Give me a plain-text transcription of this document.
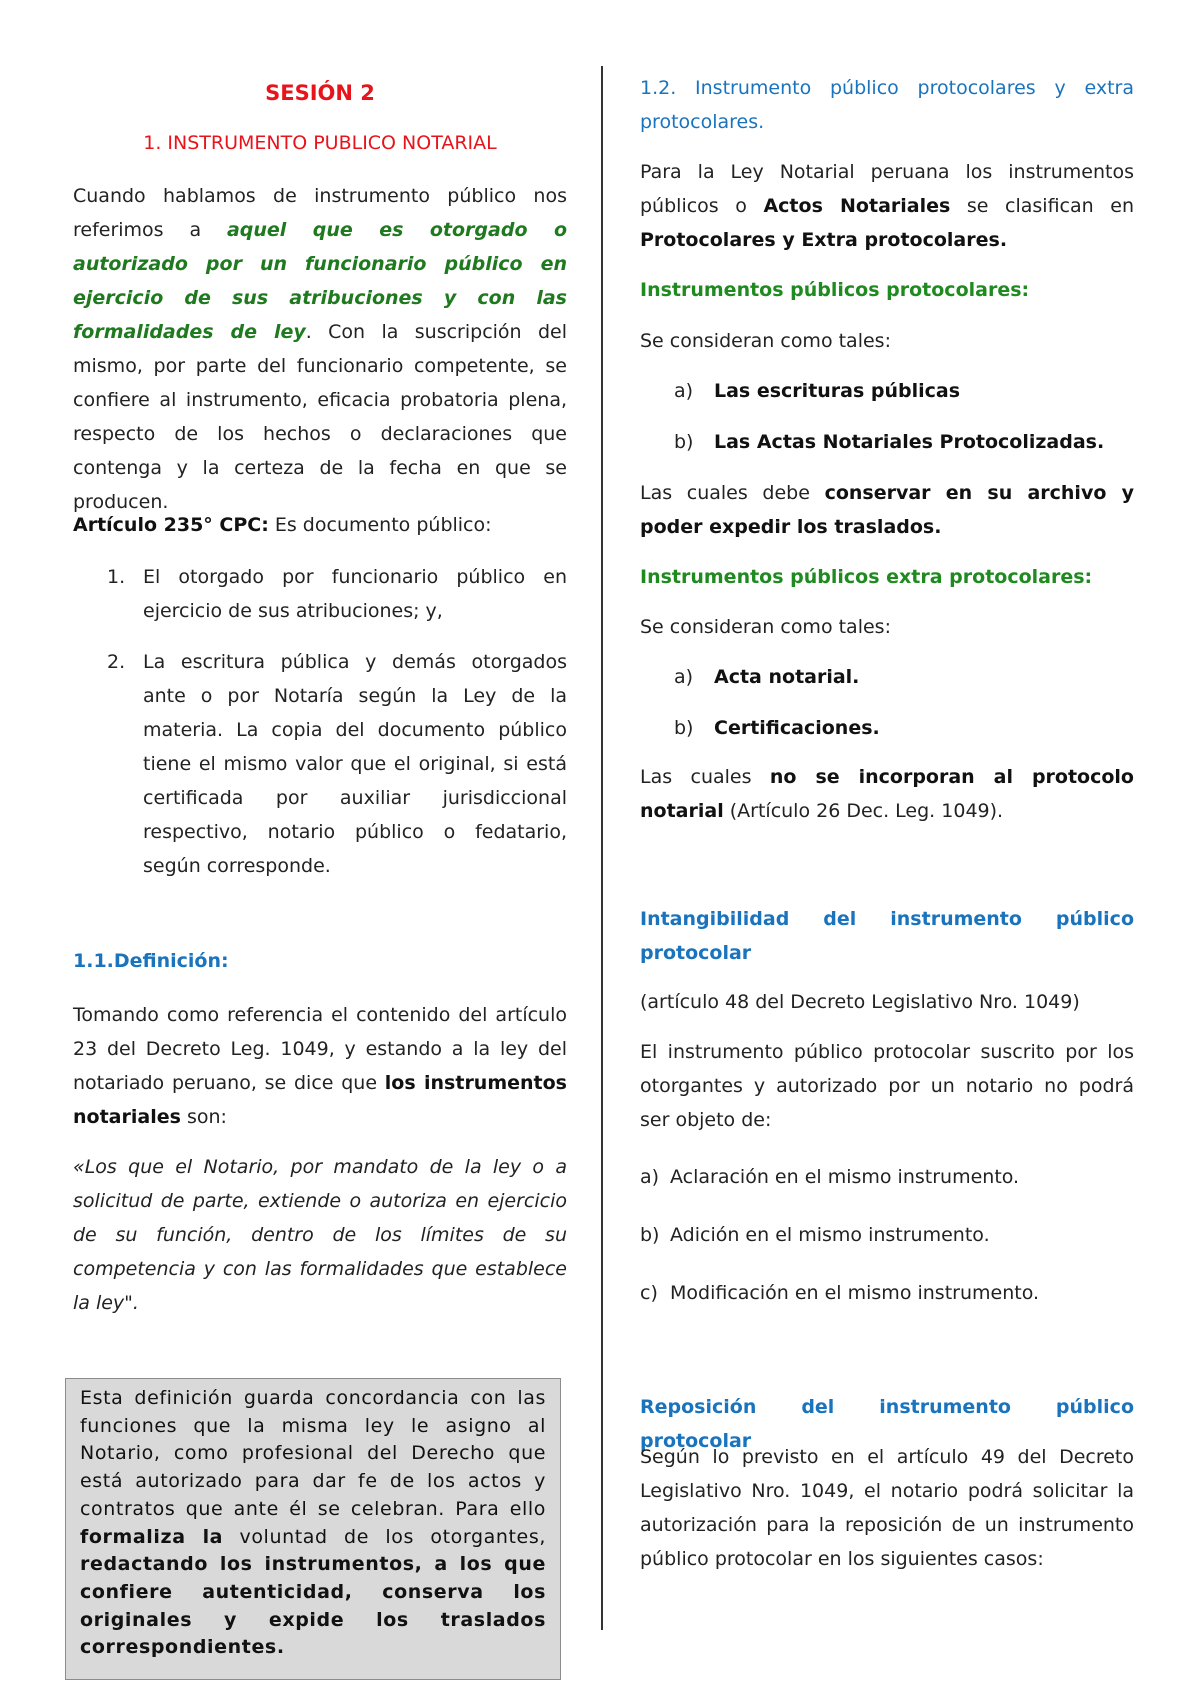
SESIÓN 2
1. INSTRUMENTO PUBLICO NOTARIAL

Cuando hablamos de instrumento público nos referimos a aquel que es otorgado o autorizado por un funcionario público en ejercicio de sus atribuciones y con las formalidades de ley. Con la suscripción del mismo, por parte del funcionario competente, se confiere al instrumento, eficacia probatoria plena, respecto de los hechos o declaraciones que contenga y la certeza de la fecha en que se producen.

Artículo 235° CPC: Es documento público:

1. El otorgado por funcionario público en ejercicio de sus atribuciones; y,
2. La escritura pública y demás otorgados ante o por Notaría según la Ley de la materia. La copia del documento público tiene el mismo valor que el original, si está certificada por auxiliar jurisdiccional respectivo, notario público o fedatario, según corresponde.

1.1.Definición:

Tomando como referencia el contenido del artículo 23 del Decreto Leg. 1049, y estando a la ley del notariado peruano, se dice que los instrumentos notariales son:

«Los que el Notario, por mandato de la ley o a solicitud de parte, extiende o autoriza en ejercicio de su función, dentro de los límites de su competencia y con las formalidades que establece la ley".

Esta definición guarda concordancia con las funciones que la misma ley le asigno al Notario, como profesional del Derecho que está autorizado para dar fe de los actos y contratos que ante él se celebran. Para ello formaliza la voluntad de los otorgantes, redactando los instrumentos, a los que confiere autenticidad, conserva los originales y expide los traslados correspondientes.

1.2. Instrumento público protocolares y extra protocolares.

Para la Ley Notarial peruana los instrumentos públicos o Actos Notariales se clasifican en Protocolares y Extra protocolares.

Instrumentos públicos protocolares:

Se consideran como tales:

a)	Las escrituras públicas
b)	Las Actas Notariales Protocolizadas.

Las cuales debe conservar en su archivo y poder expedir los traslados.

Instrumentos públicos extra protocolares:

Se consideran como tales:

a)	Acta notarial.
b)	Certificaciones.

Las cuales no se incorporan al protocolo notarial (Artículo 26 Dec. Leg. 1049).

Intangibilidad del instrumento público protocolar

(artículo 48 del Decreto Legislativo Nro. 1049)

El instrumento público protocolar suscrito por los otorgantes y autorizado por un notario no podrá ser objeto de:

a) Aclaración en el mismo instrumento.
b) Adición en el mismo instrumento.
c) Modificación en el mismo instrumento.

Reposición del instrumento público protocolar

Según lo previsto en el artículo 49 del Decreto Legislativo Nro. 1049, el notario podrá solicitar la autorización para la reposición de un instrumento público protocolar en los siguientes casos:
